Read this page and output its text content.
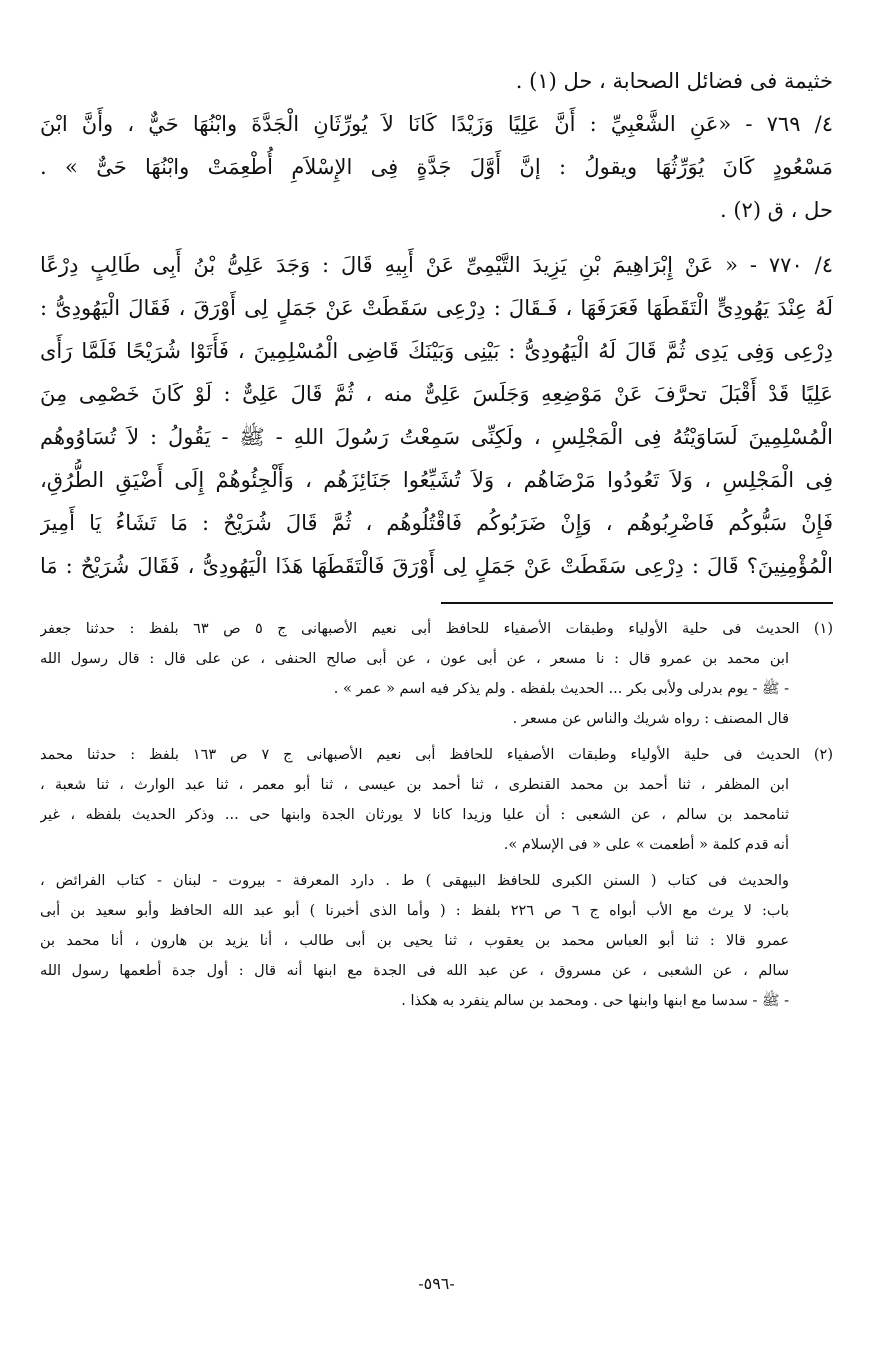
خثيمة فى فضائل الصحابة ، حل (١) .
٤/ ٧٦٩ - «عَنِ الشَّعْبِيِّ : أَنَّ عَلِيًا وَزَيْدًا كَانَا لاَ يُورِّثَانِ الْجَدَّةَ وابْنُهَا حَيٌّ ، وأَنَّ ابْنَ
مَسْعُودٍ كَانَ يُوَرِّثُهَا ويقولُ : إنَّ أَوَّلَ جَدَّةٍ فِى الإِسْلاَمِ أُطْعِمَتْ وابْنُهَا حَىٌّ » .
حل ، ق (٢) .
٤/ ٧٧٠ - « عَنْ إِبْرَاهِيمَ بْنِ يَزِيدَ التَّيْمِىِّ عَنْ أَبِيهِ قَالَ : وَجَدَ عَلِىُّ بْنُ أَبِى طَالِبٍ دِرْعًا
لَهُ عِنْدَ يَهُودِىٍّ الْتَقَطَهَا فَعَرَفَهَا ، فَـقَالَ : دِرْعِى سَقَطَتْ عَنْ جَمَلٍ لِى أَوْرَقَ ، فَقَالَ الْيَهُودِىُّ :
دِرْعِى وَفِى يَدِى ثُمَّ قَالَ لَهُ الْيَهُودِىُّ : بَيْنِى وَبَيْنَكَ قَاضِى الْمُسْلِمِينَ ، فَأَتَوْا شُرَيْحًا فَلَمَّا رَأَى
عَلِيًا قَدْ أَقْبَلَ تحرَّفَ عَنْ مَوْضِعِهِ وَجَلَسَ عَلِىٌّ منه ، ثُمَّ قَالَ عَلِىٌّ : لَوْ كَانَ خَصْمِى مِنَ
الْمُسْلِمِينَ لَسَاوَيْتُهُ فِى الْمَجْلِسِ ، ولَكِنِّى سَمِعْتُ رَسُولَ اللهِ - ﷺ - يَقُولُ : لاَ تُسَاوُوهُم
فِى الْمَجْلِسِ ، وَلاَ تَعُودُوا مَرْضَاهُم ، وَلاَ تُشَيِّعُوا جَنَائِزَهُم ، وَأَلْجِئُوهُمْ إِلَى أَضْيَقِ الطُّرُقِ،
فَإِنْ سَبُّوكُم فَاضْرِبُوهُم ، وَإِنْ ضَرَبُوكُم فَاقْتُلُوهُم ، ثُمَّ قَالَ شُرَيْحٌ : مَا تَشَاءُ يَا أَمِيرَ
الْمُؤْمِنِينَ؟ قَالَ : دِرْعِى سَقَطَتْ عَنْ جَمَلٍ لِى أَوْرَقَ فَالْتَقَطَهَا هَذَا الْيَهُودِىُّ ، فَقَالَ شُرَيْحٌ : مَا
(١) الحديث فى حلية الأولياء وطبقات الأصفياء للحافظ أبى نعيم الأصبهانى ج ٥ ص ٦٣ بلفظ : حدثنا جعفر
ابن محمد بن عمرو قال : نا مسعر ، عن أبى عون ، عن أبى صالح الحنفى ، عن على قال : قال رسول الله
- ﷺ - يوم بدرلى ولأبى بكر ... الحديث بلفظه . ولم يذكر فيه اسم « عمر » .
قال المصنف : رواه شريك والناس عن مسعر .
(٢) الحديث فى حلية الأولياء وطبقات الأصفياء للحافظ أبى نعيم الأصبهانى ج ٧ ص ١٦٣ بلفظ : حدثنا محمد
ابن المظفر ، ثنا أحمد بن محمد القنطرى ، ثنا أحمد بن عيسى ، ثنا أبو معمر ، ثنا عبد الوارث ، ثنا شعبة ،
ثنامحمد بن سالم ، عن الشعبى : أن عليا وزيدا كانا لا يورثان الجدة وابنها حى ... وذكر الحديث بلفظه ، غير
أنه قدم كلمة « أطعمت » على « فى الإسلام ».
والحديث فى كتاب ( السنن الكبرى للحافظ البيهقى ) ط . دارد المعرفة - بيروت - لبنان - كتاب الفرائض ،
باب: لا يرث مع الأب أبواه ج ٦ ص ٢٢٦ بلفظ : ( وأما الذى أخبرنا ) أبو عبد الله الحافظ وأبو سعيد بن أبى
عمرو قالا : ثنا أبو العباس محمد بن يعقوب ، ثنا يحيى بن أبى طالب ، أنا يزيد بن هارون ، أنا محمد بن
سالم ، عن الشعبى ، عن مسروق ، عن عبد الله فى الجدة مع ابنها أنه قال : أول جدة أطعمها رسول الله
- ﷺ - سدسا مع ابنها وابنها حى . ومحمد بن سالم ينفرد به هكذا .
-٥٩٦-
